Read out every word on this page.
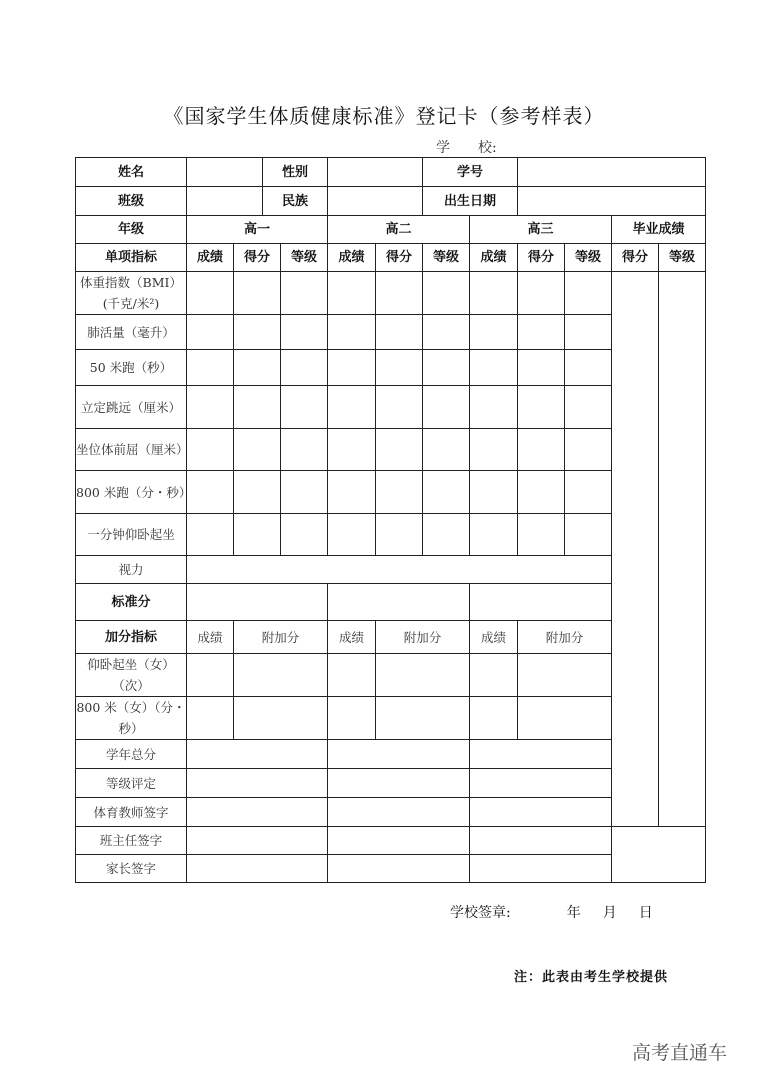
《国家学生体质健康标准》登记卡（参考样表）
学 校:
姓名			性别				学号					
班级			民族				出生日期					
年级	高一				高二			高三			毕业成绩	
单项指标	成绩	得分		等级	成绩	得分	等级	成绩	得分	等级	得分	等级
体重指数（BMI）(千克/米²)												
肺活量（毫升）												
50 米跑（秒）												
立定跳远（厘米）												
坐位体前屈（厘米）												
800 米跑（分・秒）												
一分钟仰卧起坐												
视力												
标准分												
加分指标	成绩	附加分			成绩	附加分		成绩	附加分			
仰卧起坐（女）（次）												
800 米（女）（分・秒）												
学年总分												
等级评定												
体育教师签字												
班主任签字												
家长签字												
学校签章:	年 月 日
注：此表由考生学校提供
高考直通车
